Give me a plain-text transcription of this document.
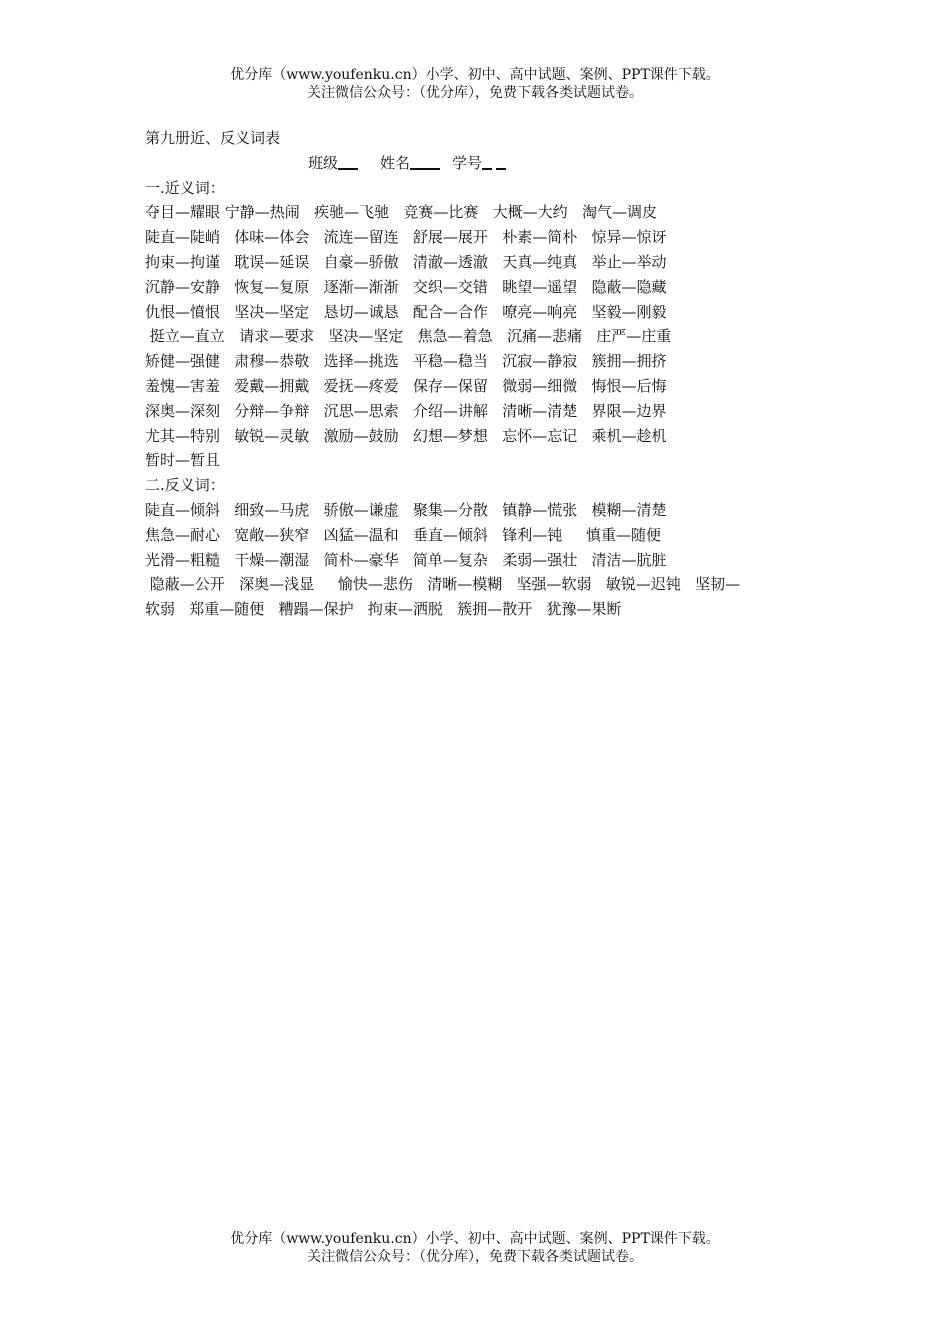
优分库（www.youfenku.cn）小学、初中、高中试题、案例、PPT课件下载。
关注微信公众号：（优分库），免费下载各类试题试卷。
第九册近、反义词表
班级	姓名	学号
一.近义词：
夺目—耀眼 宁静—热闹   疾驰—飞驰   竞赛—比赛   大概—大约   淘气—调皮
陡直—陡峭   体味—体会   流连—留连   舒展—展开   朴素—简朴   惊异—惊讶
拘束—拘谨   耽误—延误   自豪—骄傲   清澈—透澈   天真—纯真   举止—举动
沉静—安静   恢复—复原   逐渐—渐渐   交织—交错   眺望—遥望   隐蔽—隐藏
仇恨—憤恨   坚决—坚定   恳切—诚恳   配合—合作   嘹亮—响亮   坚毅—刚毅
挺立—直立   请求—要求   坚决—坚定   焦急—着急   沉痛—悲痛   庄严—庄重
矫健—强健   肃穆—恭敬   选择—挑选   平稳—稳当   沉寂—静寂   簇拥—拥挤
羞愧—害羞   爱戴—拥戴   爱抚—疼爱   保存—保留   微弱—细微   悔恨—后悔
深奥—深刻   分辩—争辩   沉思—思索   介绍—讲解   清晰—清楚   界限—边界
尤其—特别   敏锐—灵敏   激励—鼓励   幻想—梦想   忘怀—忘记   乘机—趁机
暂时—暂且
二.反义词：
陡直—倾斜   细致—马虎   骄傲—谦虚   聚集—分散   镇静—慌张   模糊—清楚
焦急—耐心   宽敞—狭窄   凶猛—温和   垂直—倾斜   锋利—钝     慎重—随便
光滑—粗糙   干燥—潮湿   简朴—豪华   简单—复杂   柔弱—强壮   清洁—肮脏
隐蔽—公开   深奥—浅显     愉快—悲伤   清晰—模糊   坚强—软弱   敏锐—迟钝   坚韧—
软弱   郑重—随便   糟蹋—保护   拘束—洒脱   簇拥—散开   犹豫—果断
优分库（www.youfenku.cn）小学、初中、高中试题、案例、PPT课件下载。
关注微信公众号：（优分库），免费下载各类试题试卷。
